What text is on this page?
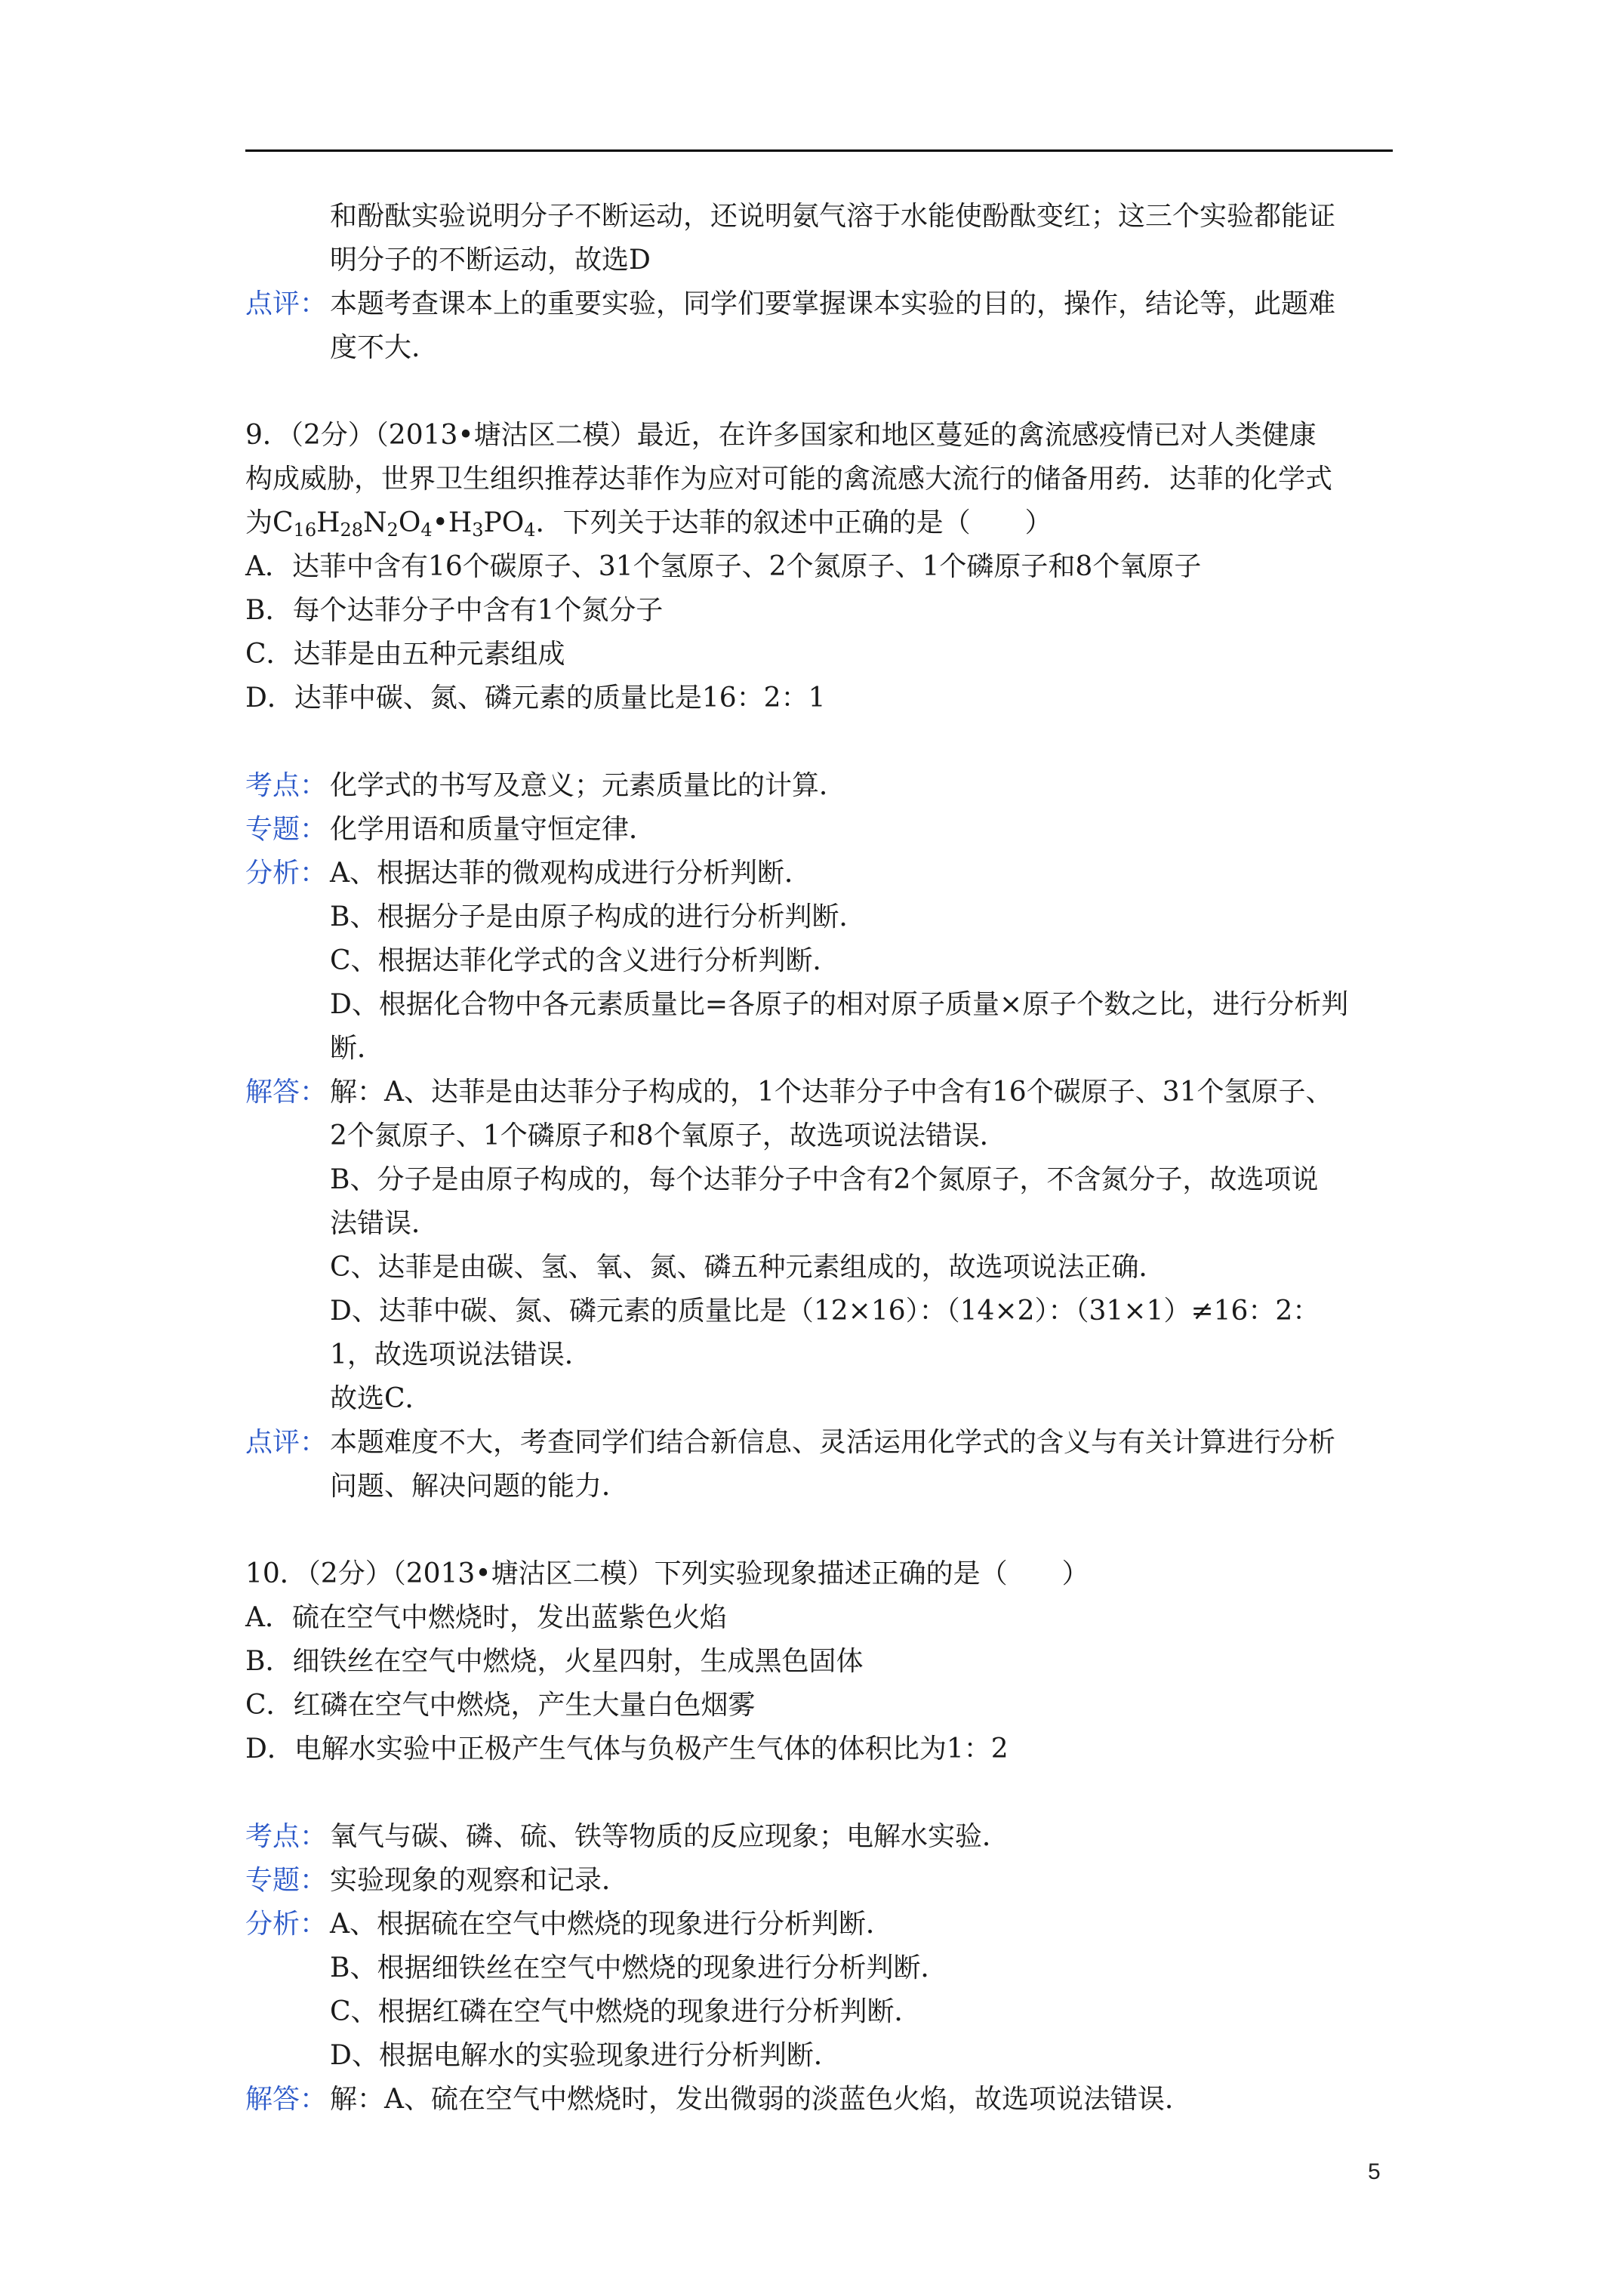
和酚酞实验说明分子不断运动，还说明氨气溶于水能使酚酞变红；这三个实验都能证
明分子的不断运动，故选D
点评： 本题考查课本上的重要实验，同学们要掌握课本实验的目的，操作，结论等，此题难
度不大.
9．（2分）（2013•塘沽区二模）最近，在许多国家和地区蔓延的禽流感疫情已对人类健康
构成威胁，世界卫生组织推荐达菲作为应对可能的禽流感大流行的储备用药．达菲的化学式
为$C_{16}H_{28}N_2O_4•H_3PO_4$．下列关于达菲的叙述中正确的是（　　）
A．达菲中含有16个碳原子、31个氢原子、2个氮原子、1个磷原子和8个氧原子
B．每个达菲分子中含有1个氮分子
C．达菲是由五种元素组成
D．达菲中碳、氮、磷元素的质量比是16：2：1
考点： 化学式的书写及意义；元素质量比的计算．
专题： 化学用语和质量守恒定律．
分析： A、根据达菲的微观构成进行分析判断．
B、根据分子是由原子构成的进行分析判断．
C、根据达菲化学式的含义进行分析判断．
D、根据化合物中各元素质量比=各原子的相对原子质量×原子个数之比，进行分析判
断．
解答： 解：A、达菲是由达菲分子构成的，1个达菲分子中含有16个碳原子、31个氢原子、
2个氮原子、1个磷原子和8个氧原子，故选项说法错误．
B、分子是由原子构成的，每个达菲分子中含有2个氮原子，不含氮分子，故选项说
法错误．
C、达菲是由碳、氢、氧、氮、磷五种元素组成的，故选项说法正确．
D、达菲中碳、氮、磷元素的质量比是（12×16）：（14×2）：（31×1）≠16：2：
1，故选项说法错误．
故选C．
点评： 本题难度不大，考查同学们结合新信息、灵活运用化学式的含义与有关计算进行分析
问题、解决问题的能力．
10．（2分）（2013•塘沽区二模）下列实验现象描述正确的是（　　）
A．硫在空气中燃烧时，发出蓝紫色火焰
B．细铁丝在空气中燃烧，火星四射，生成黑色固体
C．红磷在空气中燃烧，产生大量白色烟雾
D．电解水实验中正极产生气体与负极产生气体的体积比为1：2
考点： 氧气与碳、磷、硫、铁等物质的反应现象；电解水实验．
专题： 实验现象的观察和记录．
分析： A、根据硫在空气中燃烧的现象进行分析判断．
B、根据细铁丝在空气中燃烧的现象进行分析判断．
C、根据红磷在空气中燃烧的现象进行分析判断．
D、根据电解水的实验现象进行分析判断．
解答： 解：A、硫在空气中燃烧时，发出微弱的淡蓝色火焰，故选项说法错误．
5
